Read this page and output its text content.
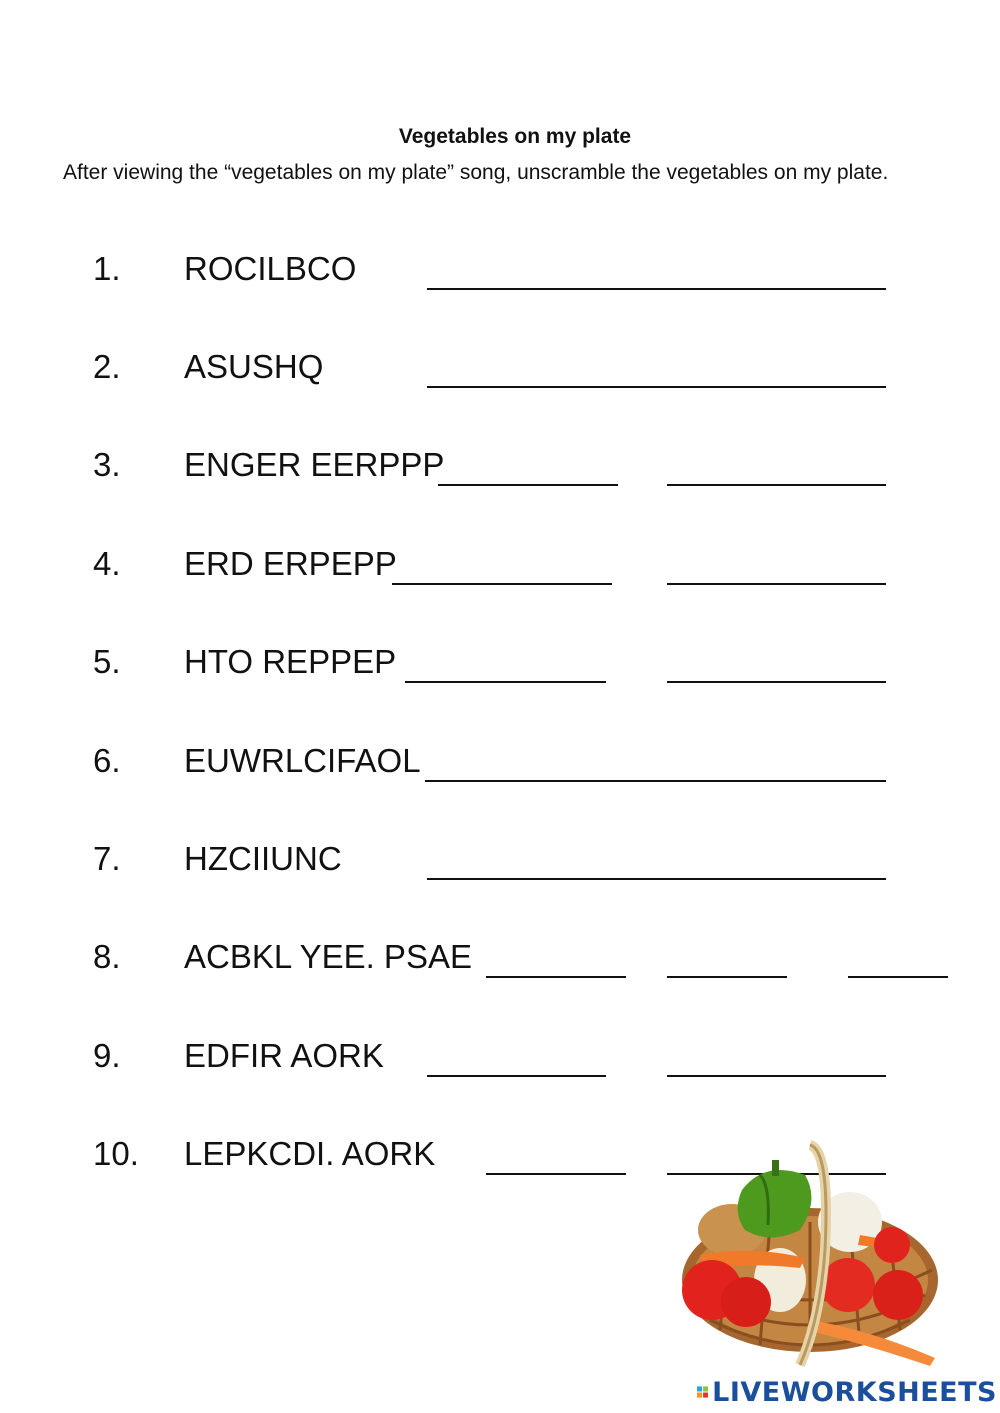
Vegetables on my plate
After viewing the “vegetables on my plate” song, unscramble the vegetables on my plate.
1. ROCILBCO
2. ASUSHQ
3. ENGER EERPPP
4. ERD ERPEPP
5. HTO REPPEP
6. EUWRLCIFAOL
7. HZCIIUNC
8. ACBKL YEE. PSAE
9. EDFIR AORK
10. LEPKCDI. AORK
LIVEWORKSHEETS
